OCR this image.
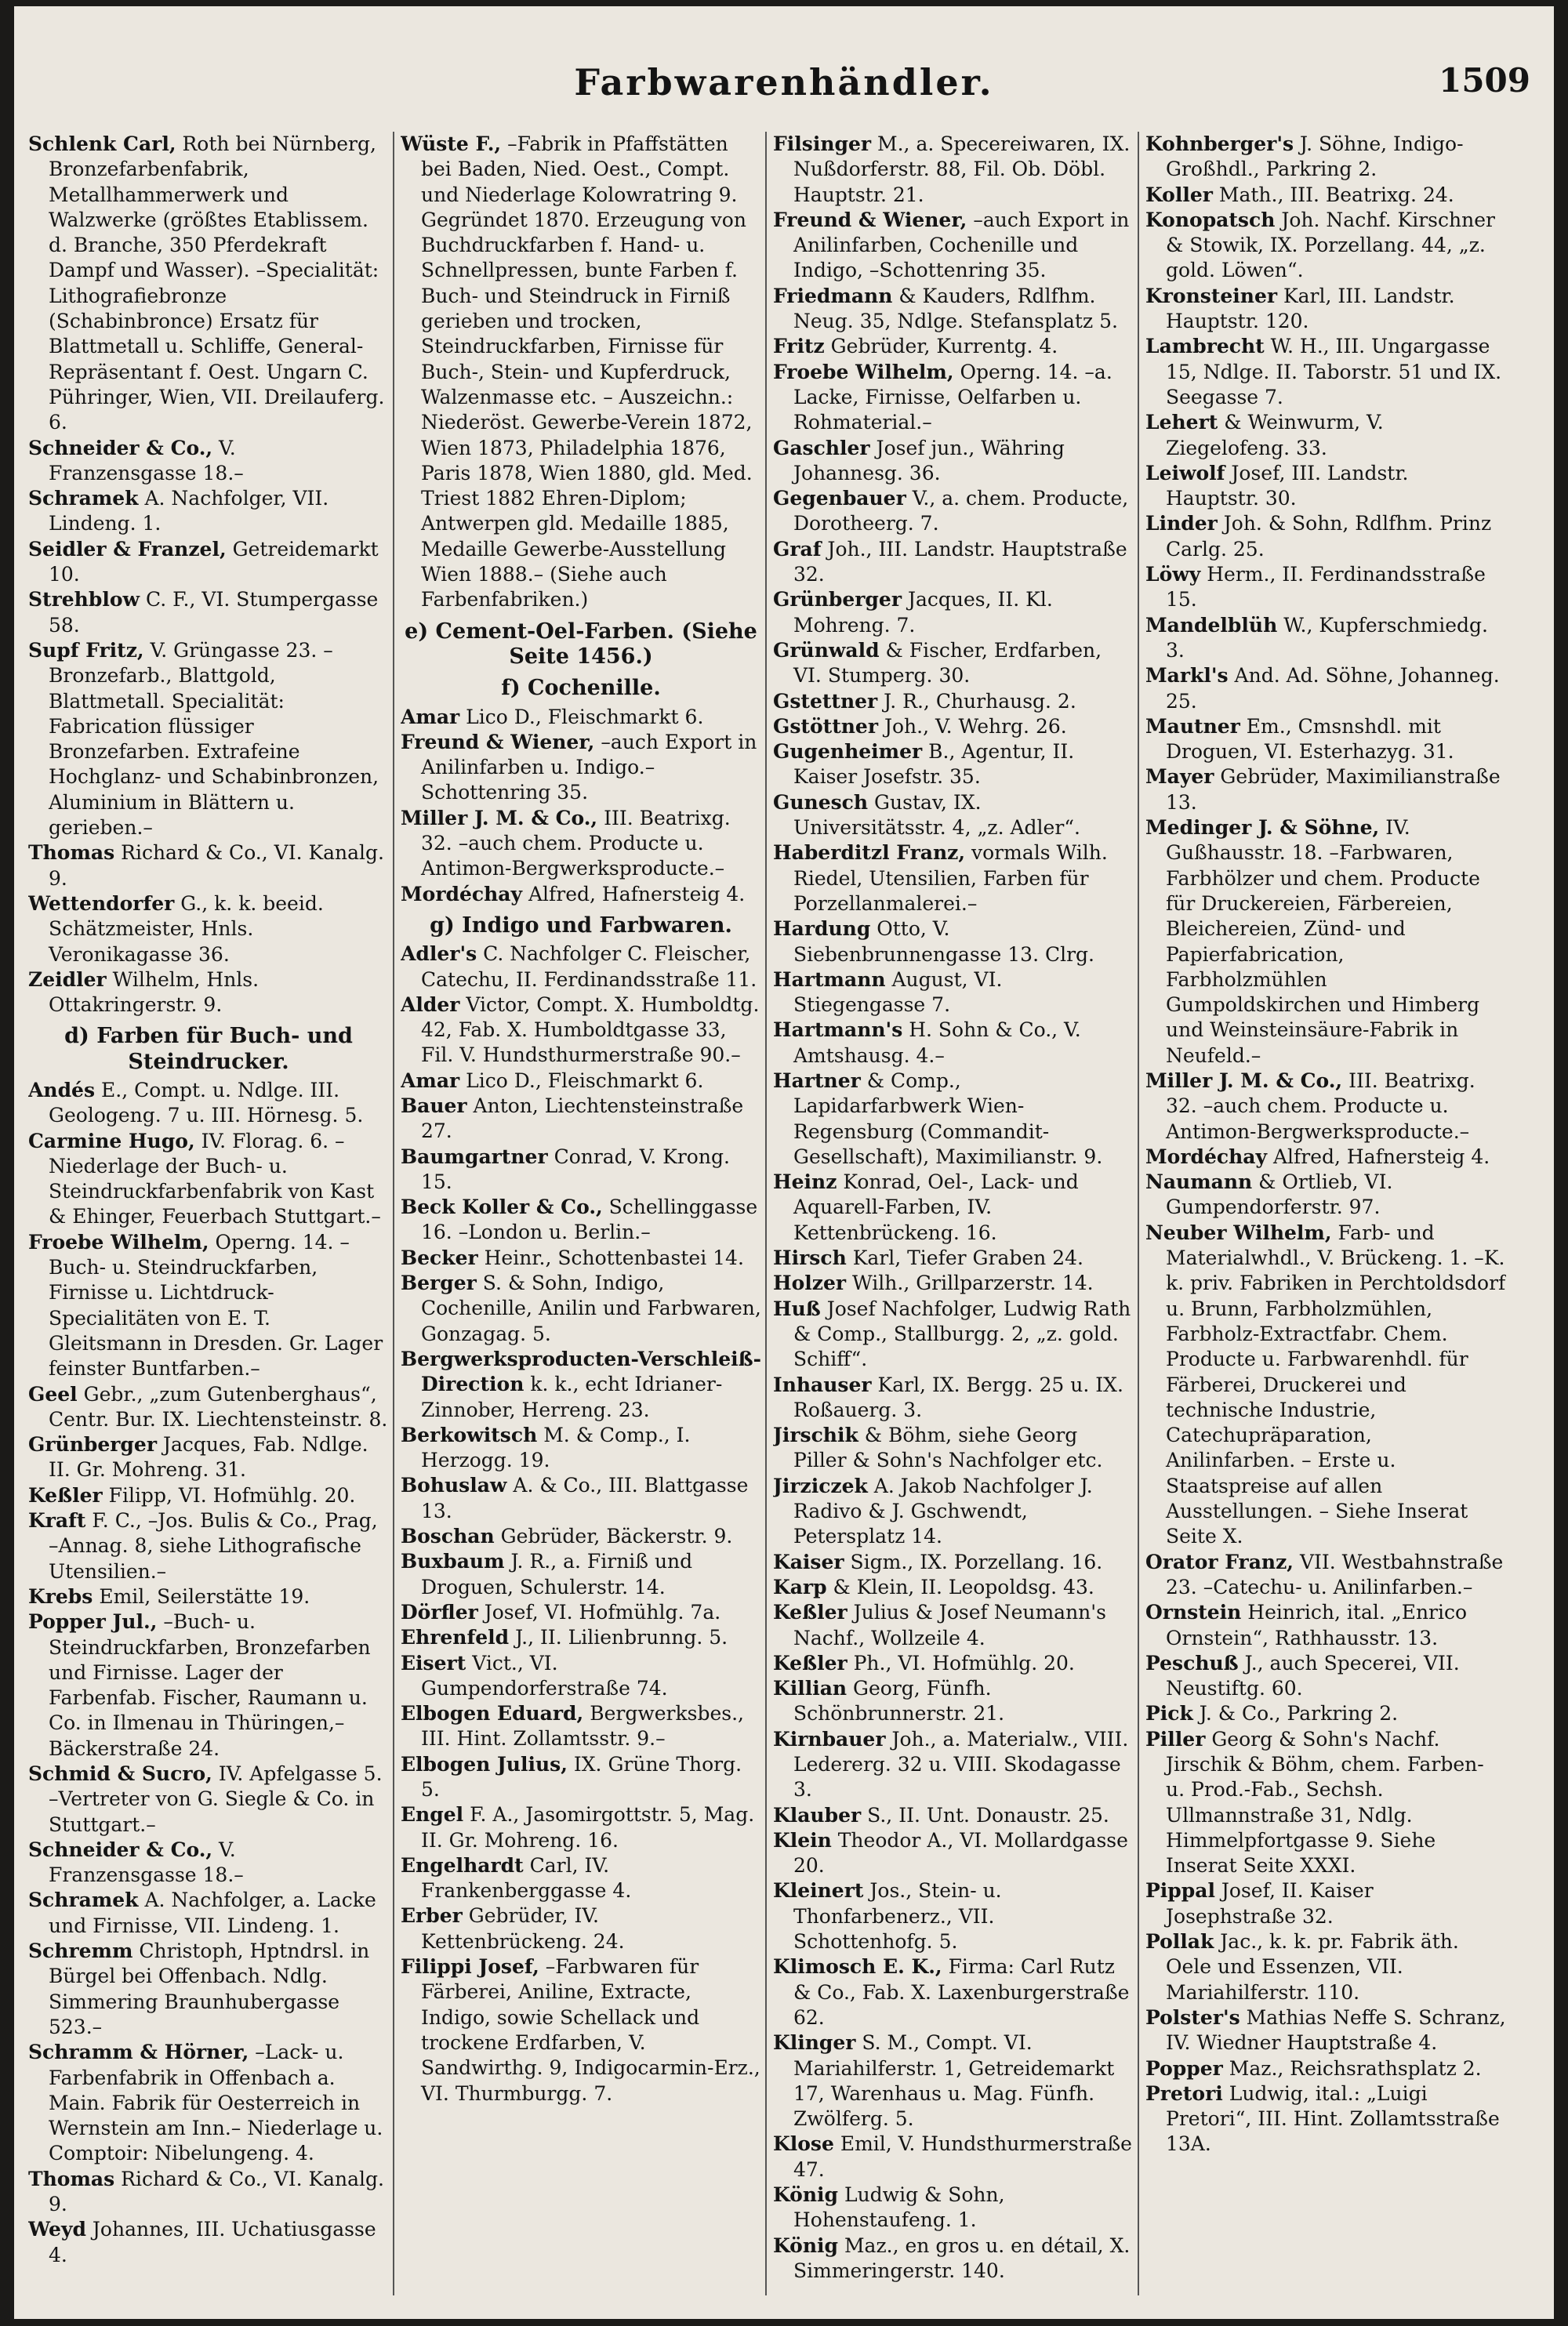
Farbwarenhändler.	1509

Schlenk Carl, Roth bei Nürnberg, Bronzefarbenfabrik, Metallhammerwerk und Walzwerke (größtes Etablissem. d. Branche, 350 Pferdekraft Dampf und Wasser). –Specialität: Lithografiebronze (Schabinbronce) Ersatz für Blattmetall u. Schliffe, General-Repräsentant f. Oest. Ungarn C. Pühringer, Wien, VII. Dreilauferg. 6.

Schneider & Co., V. Franzensgasse 18.–

Schramek A. Nachfolger, VII. Lindeng. 1.

Seidler & Franzel, Getreidemarkt 10.

Strehblow C. F., VI. Stumpergasse 58.

Supf Fritz, V. Grüngasse 23. –Bronzefarb., Blattgold, Blattmetall. Specialität: Fabrication flüssiger Bronzefarben. Extrafeine Hochglanz- und Schabinbronzen, Aluminium in Blättern u. gerieben.–

Thomas Richard & Co., VI. Kanalg. 9.

Wettendorfer G., k. k. beeid. Schätzmeister, Hnls. Veronikagasse 36.

Zeidler Wilhelm, Hnls. Ottakringerstr. 9.

d) Farben für Buch- und Steindrucker.

Andés E., Compt. u. Ndlge. III. Geologeng. 7 u. III. Hörnesg. 5.

Carmine Hugo, IV. Florag. 6. –Niederlage der Buch- u. Steindruckfarbenfabrik von Kast & Ehinger, Feuerbach Stuttgart.–

Froebe Wilhelm, Operng. 14. –Buch- u. Steindruckfarben, Firnisse u. Lichtdruck-Specialitäten von E. T. Gleitsmann in Dresden. Gr. Lager feinster Buntfarben.–

Geel Gebr., „zum Gutenberghaus“, Centr. Bur. IX. Liechtensteinstr. 8.

Grünberger Jacques, Fab. Ndlge. II. Gr. Mohreng. 31.

Keßler Filipp, VI. Hofmühlg. 20.

Kraft F. C., –Jos. Bulis & Co., Prag, –Annag. 8, siehe Lithografische Utensilien.–

Krebs Emil, Seilerstätte 19.

Popper Jul., –Buch- u. Steindruckfarben, Bronzefarben und Firnisse. Lager der Farbenfab. Fischer, Raumann u. Co. in Ilmenau in Thüringen,– Bäckerstraße 24.

Schmid & Sucro, IV. Apfelgasse 5. –Vertreter von G. Siegle & Co. in Stuttgart.–

Schneider & Co., V. Franzensgasse 18.–

Schramek A. Nachfolger, a. Lacke und Firnisse, VII. Lindeng. 1.

Schremm Christoph, Hptndrsl. in Bürgel bei Offenbach. Ndlg. Simmering Braunhubergasse 523.–

Schramm & Hörner, –Lack- u. Farbenfabrik in Offenbach a. Main. Fabrik für Oesterreich in Wernstein am Inn.– Niederlage u. Comptoir: Nibelungeng. 4.

Thomas Richard & Co., VI. Kanalg. 9.

Weyd Johannes, III. Uchatiusgasse 4.

Wüste F., –Fabrik in Pfaffstätten bei Baden, Nied. Oest., Compt. und Niederlage Kolowratring 9. Gegründet 1870. Erzeugung von Buchdruckfarben f. Hand- u. Schnellpressen, bunte Farben f. Buch- und Steindruck in Firniß gerieben und trocken, Steindruckfarben, Firnisse für Buch-, Stein- und Kupferdruck, Walzenmasse etc. – Auszeichn.: Niederöst. Gewerbe-Verein 1872, Wien 1873, Philadelphia 1876, Paris 1878, Wien 1880, gld. Med. Triest 1882 Ehren-Diplom; Antwerpen gld. Medaille 1885, Medaille Gewerbe-Ausstellung Wien 1888.– (Siehe auch Farbenfabriken.)

e) Cement-Oel-Farben. (Siehe Seite 1456.)
f) Cochenille.

Amar Lico D., Fleischmarkt 6.

Freund & Wiener, –auch Export in Anilinfarben u. Indigo.– Schottenring 35.

Miller J. M. & Co., III. Beatrixg. 32. –auch chem. Producte u. Antimon-Bergwerksproducte.–

Mordéchay Alfred, Hafnersteig 4.

g) Indigo und Farbwaren.

Adler's C. Nachfolger C. Fleischer, Catechu, II. Ferdinandsstraße 11.

Alder Victor, Compt. X. Humboldtg. 42, Fab. X. Humboldtgasse 33, Fil. V. Hundsthurmerstraße 90.–

Amar Lico D., Fleischmarkt 6.

Bauer Anton, Liechtensteinstraße 27.

Baumgartner Conrad, V. Krong. 15.

Beck Koller & Co., Schellinggasse 16. –London u. Berlin.–

Becker Heinr., Schottenbastei 14.

Berger S. & Sohn, Indigo, Cochenille, Anilin und Farbwaren, Gonzagag. 5.

Bergwerksproducten-Verschleiß-Direction k. k., echt Idrianer-Zinnober, Herreng. 23.

Berkowitsch M. & Comp., I. Herzogg. 19.

Bohuslaw A. & Co., III. Blattgasse 13.

Boschan Gebrüder, Bäckerstr. 9.

Buxbaum J. R., a. Firniß und Droguen, Schulerstr. 14.

Dörfler Josef, VI. Hofmühlg. 7a.

Ehrenfeld J., II. Lilienbrunng. 5.

Eisert Vict., VI. Gumpendorferstraße 74.

Elbogen Eduard, Bergwerksbes., III. Hint. Zollamtsstr. 9.–

Elbogen Julius, IX. Grüne Thorg. 5.

Engel F. A., Jasomirgottstr. 5, Mag. II. Gr. Mohreng. 16.

Engelhardt Carl, IV. Frankenberggasse 4.

Erber Gebrüder, IV. Kettenbrückeng. 24.

Filippi Josef, –Farbwaren für Färberei, Aniline, Extracte, Indigo, sowie Schellack und trockene Erdfarben, V. Sandwirthg. 9, Indigocarmin-Erz., VI. Thurmburgg. 7.

Filsinger M., a. Specereiwaren, IX. Nußdorferstr. 88, Fil. Ob. Döbl. Hauptstr. 21.

Freund & Wiener, –auch Export in Anilinfarben, Cochenille und Indigo, –Schottenring 35.

Friedmann & Kauders, Rdlfhm. Neug. 35, Ndlge. Stefansplatz 5.

Fritz Gebrüder, Kurrentg. 4.

Froebe Wilhelm, Operng. 14. –a. Lacke, Firnisse, Oelfarben u. Rohmaterial.–

Gaschler Josef jun., Währing Johannesg. 36.

Gegenbauer V., a. chem. Producte, Dorotheerg. 7.

Graf Joh., III. Landstr. Hauptstraße 32.

Grünberger Jacques, II. Kl. Mohreng. 7.

Grünwald & Fischer, Erdfarben, VI. Stumperg. 30.

Gstettner J. R., Churhausg. 2.

Gstöttner Joh., V. Wehrg. 26.

Gugenheimer B., Agentur, II. Kaiser Josefstr. 35.

Gunesch Gustav, IX. Universitätsstr. 4, „z. Adler“.

Haberditzl Franz, vormals Wilh. Riedel, Utensilien, Farben für Porzellanmalerei.–

Hardung Otto, V. Siebenbrunnengasse 13. Clrg.

Hartmann August, VI. Stiegengasse 7.

Hartmann's H. Sohn & Co., V. Amtshausg. 4.–

Hartner & Comp., Lapidarfarbwerk Wien-Regensburg (Commandit-Gesellschaft), Maximilianstr. 9.

Heinz Konrad, Oel-, Lack- und Aquarell-Farben, IV. Kettenbrückeng. 16.

Hirsch Karl, Tiefer Graben 24.

Holzer Wilh., Grillparzerstr. 14.

Huß Josef Nachfolger, Ludwig Rath & Comp., Stallburgg. 2, „z. gold. Schiff“.

Inhauser Karl, IX. Bergg. 25 u. IX. Roßauerg. 3.

Jirschik & Böhm, siehe Georg Piller & Sohn's Nachfolger etc.

Jirziczek A. Jakob Nachfolger J. Radivo & J. Gschwendt, Petersplatz 14.

Kaiser Sigm., IX. Porzellang. 16.

Karp & Klein, II. Leopoldsg. 43.

Keßler Julius & Josef Neumann's Nachf., Wollzeile 4.

Keßler Ph., VI. Hofmühlg. 20.

Killian Georg, Fünfh. Schönbrunnerstr. 21.

Kirnbauer Joh., a. Materialw., VIII. Ledererg. 32 u. VIII. Skodagasse 3.

Klauber S., II. Unt. Donaustr. 25.

Klein Theodor A., VI. Mollardgasse 20.

Kleinert Jos., Stein- u. Thonfarbenerz., VII. Schottenhofg. 5.

Klimosch E. K., Firma: Carl Rutz & Co., Fab. X. Laxenburgerstraße 62.

Klinger S. M., Compt. VI. Mariahilferstr. 1, Getreidemarkt 17, Warenhaus u. Mag. Fünfh. Zwölferg. 5.

Klose Emil, V. Hundsthurmerstraße 47.

König Ludwig & Sohn, Hohenstaufeng. 1.

König Maz., en gros u. en détail, X. Simmeringerstr. 140.

Kohnberger's J. Söhne, Indigo-Großhdl., Parkring 2.

Koller Math., III. Beatrixg. 24.

Konopatsch Joh. Nachf. Kirschner & Stowik, IX. Porzellang. 44, „z. gold. Löwen“.

Kronsteiner Karl, III. Landstr. Hauptstr. 120.

Lambrecht W. H., III. Ungargasse 15, Ndlge. II. Taborstr. 51 und IX. Seegasse 7.

Lehert & Weinwurm, V. Ziegelofeng. 33.

Leiwolf Josef, III. Landstr. Hauptstr. 30.

Linder Joh. & Sohn, Rdlfhm. Prinz Carlg. 25.

Löwy Herm., II. Ferdinandsstraße 15.

Mandelblüh W., Kupferschmiedg. 3.

Markl's And. Ad. Söhne, Johanneg. 25.

Mautner Em., Cmsnshdl. mit Droguen, VI. Esterhazyg. 31.

Mayer Gebrüder, Maximilianstraße 13.

Medinger J. & Söhne, IV. Gußhausstr. 18. –Farbwaren, Farbhölzer und chem. Producte für Druckereien, Färbereien, Bleichereien, Zünd- und Papierfabrication, Farbholzmühlen Gumpoldskirchen und Himberg und Weinsteinsäure-Fabrik in Neufeld.–

Miller J. M. & Co., III. Beatrixg. 32. –auch chem. Producte u. Antimon-Bergwerksproducte.–

Mordéchay Alfred, Hafnersteig 4.

Naumann & Ortlieb, VI. Gumpendorferstr. 97.

Neuber Wilhelm, Farb- und Materialwhdl., V. Brückeng. 1. –K. k. priv. Fabriken in Perchtoldsdorf u. Brunn, Farbholzmühlen, Farbholz-Extractfabr. Chem. Producte u. Farbwarenhdl. für Färberei, Druckerei und technische Industrie, Catechupräparation, Anilinfarben. – Erste u. Staatspreise auf allen Ausstellungen. – Siehe Inserat Seite X.

Orator Franz, VII. Westbahnstraße 23. –Catechu- u. Anilinfarben.–

Ornstein Heinrich, ital. „Enrico Ornstein“, Rathhausstr. 13.

Peschuß J., auch Specerei, VII. Neustiftg. 60.

Pick J. & Co., Parkring 2.

Piller Georg & Sohn's Nachf. Jirschik & Böhm, chem. Farben- u. Prod.-Fab., Sechsh. Ullmannstraße 31, Ndlg. Himmelpfortgasse 9. Siehe Inserat Seite XXXI.

Pippal Josef, II. Kaiser Josephstraße 32.

Pollak Jac., k. k. pr. Fabrik äth. Oele und Essenzen, VII. Mariahilferstr. 110.

Polster's Mathias Neffe S. Schranz, IV. Wiedner Hauptstraße 4.

Popper Maz., Reichsrathsplatz 2.

Pretori Ludwig, ital.: „Luigi Pretori“, III. Hint. Zollamtsstraße 13A.
